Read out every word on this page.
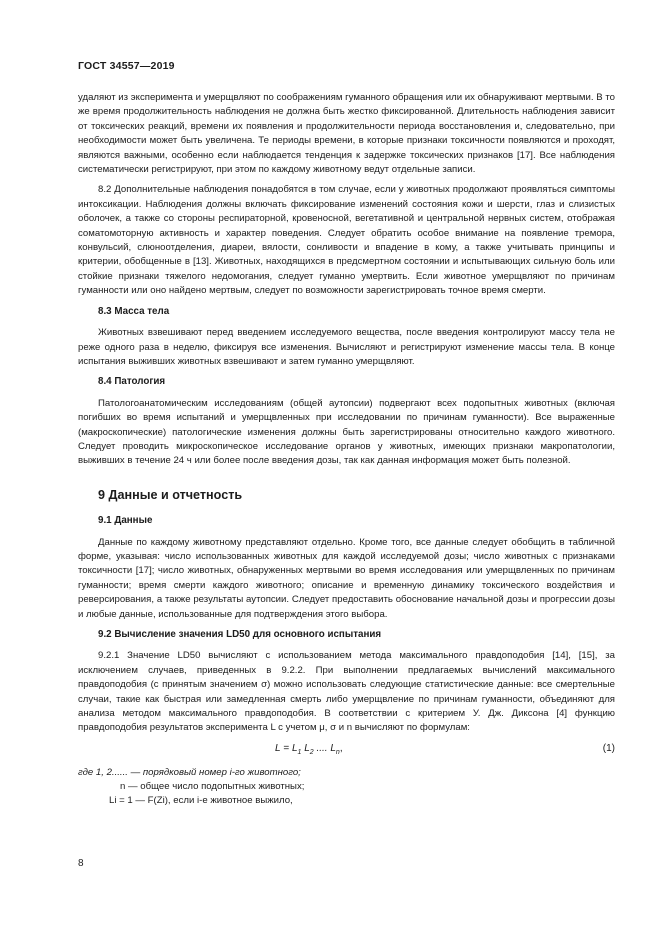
ГОСТ 34557—2019

удаляют из эксперимента и умерщвляют по соображениям гуманного обращения или их обнаруживают мертвыми. В то же время продолжительность наблюдения не должна быть жестко фиксированной. Длительность наблюдения зависит от токсических реакций, времени их появления и продолжительности периода восстановления и, следовательно, при необходимости может быть увеличена. Те периоды времени, в которые признаки токсичности появляются и проходят, являются важными, особенно если наблюдается тенденция к задержке токсических признаков [17]. Все наблюдения систематически регистрируют, при этом по каждому животному ведут отдельные записи.

8.2 Дополнительные наблюдения понадобятся в том случае, если у животных продолжают проявляться симптомы интоксикации. Наблюдения должны включать фиксирование изменений состояния кожи и шерсти, глаз и слизистых оболочек, а также со стороны респираторной, кровеносной, вегетативной и центральной нервных систем, отображая соматомоторную активность и характер поведения. Следует обратить особое внимание на появление тремора, конвульсий, слюноотделения, диареи, вялости, сонливости и впадение в кому, а также учитывать принципы и критерии, обобщенные в [13]. Животных, находящихся в предсмертном состоянии и испытывающих сильную боль или стойкие признаки тяжелого недомогания, следует гуманно умертвить. Если животное умерщвляют по причинам гуманности или оно найдено мертвым, следует по возможности зарегистрировать точное время смерти.

8.3 Масса тела

Животных взвешивают перед введением исследуемого вещества, после введения контролируют массу тела не реже одного раза в неделю, фиксируя все изменения. Вычисляют и регистрируют изменение массы тела. В конце испытания выживших животных взвешивают и затем гуманно умерщвляют.

8.4 Патология

Патологоанатомическим исследованиям (общей аутопсии) подвергают всех подопытных животных (включая погибших во время испытаний и умерщвленных при исследовании по причинам гуманности). Все выраженные (макроскопические) патологические изменения должны быть зарегистрированы относительно каждого животного. Следует проводить микроскопическое исследование органов у животных, имеющих признаки макропатологии, выживших в течение 24 ч или более после введения дозы, так как данная информация может быть полезной.

9 Данные и отчетность
9.1 Данные

Данные по каждому животному представляют отдельно. Кроме того, все данные следует обобщить в табличной форме, указывая: число использованных животных для каждой исследуемой дозы; число животных с признаками токсичности [17]; число животных, обнаруженных мертвыми во время исследования или умерщвленных по причинам гуманности; время смерти каждого животного; описание и временную динамику токсического воздействия и реверсирования, а также результаты аутопсии. Следует предоставить обоснование начальной дозы и прогрессии дозы и любые данные, использованные для подтверждения этого выбора.

9.2 Вычисление значения LD50 для основного испытания

9.2.1 Значение LD50 вычисляют с использованием метода максимального правдоподобия [14], [15], за исключением случаев, приведенных в 9.2.2. При выполнении предлагаемых вычислений максимального правдоподобия (с принятым значением σ) можно использовать следующие статистические данные: все смертельные случаи, такие как быстрая или замедленная смерть либо умерщвление по причинам гуманности, объединяют для анализа методом максимального правдоподобия. В соответствии с критерием У. Дж. Диксона [4] функцию правдоподобия результатов эксперимента L с учетом μ, σ и n вычисляют по формулам:

$L = L_1$ $L_2$ .... $L_n$,	(1)

где 1, 2...... — порядковый номер i-го животного;

n — общее число подопытных животных;

Li = 1 — F(Zi), если i-е животное выжило,

8
